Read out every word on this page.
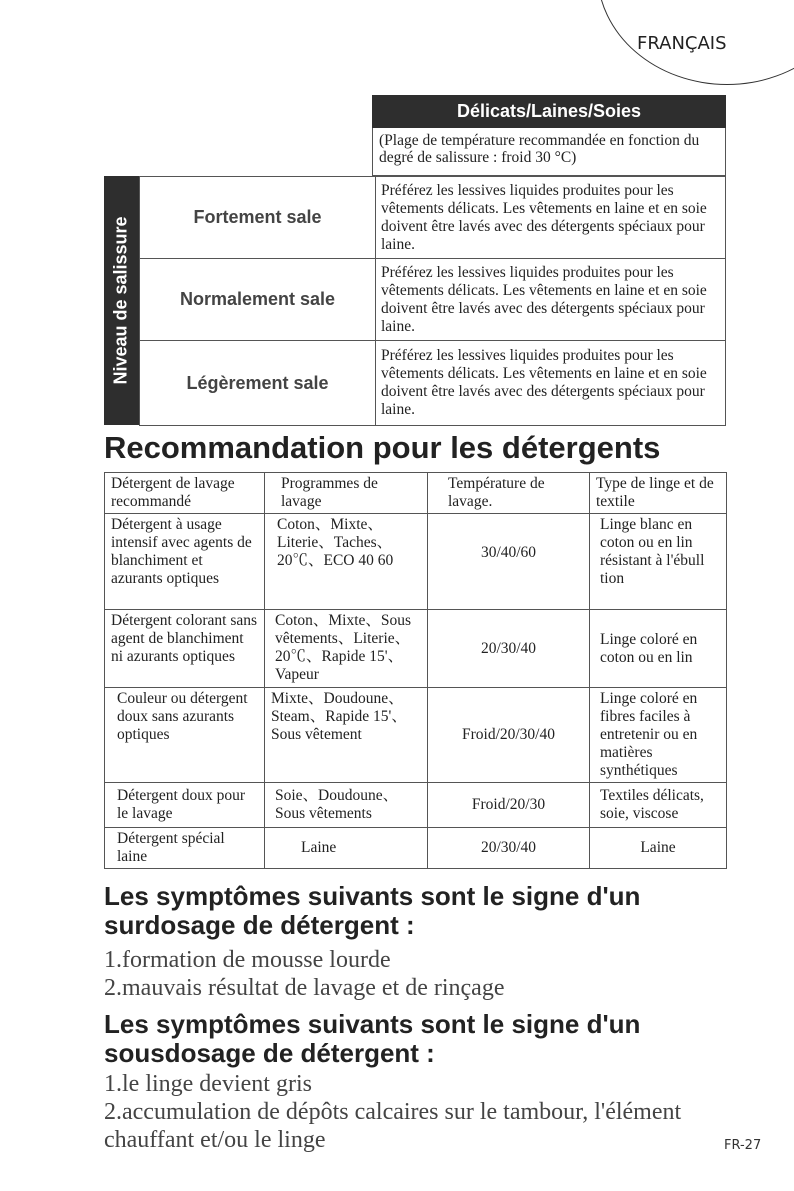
FRANÇAIS
Délicats/Laines/Soies
(Plage de température recommandée en fonction du degré de salissure : froid 30 °C)
Niveau de salissure	Fortement sale	Préférez les lessives liquides produites pour les vêtements délicats. Les vêtements en laine et en soie doivent être lavés avec des détergents spéciaux pour laine.
Normalement sale	Préférez les lessives liquides produites pour les vêtements délicats. Les vêtements en laine et en soie doivent être lavés avec des détergents spéciaux pour laine.
Légèrement sale	Préférez les lessives liquides produites pour les vêtements délicats. Les vêtements en laine et en soie doivent être lavés avec des détergents spéciaux pour laine.
Recommandation pour les détergents
Détergent de lavage recommandé	Programmes de lavage	Température de lavage.	Type de linge et de textile
Détergent à usage intensif avec agents de blanchiment et azurants optiques	Coton、Mixte、Literie、Taches、20℃、ECO 40 60	30/40/60	Linge blanc en coton ou en lin résistant à l'ébull tion
Détergent colorant sans agent de blanchiment ni azurants optiques	Coton、Mixte、Sous vêtements、Literie、20℃、Rapide 15'、Vapeur	20/30/40	Linge coloré en coton ou en lin
Couleur ou détergent doux sans azurants optiques	Mixte、Doudoune、Steam、Rapide 15'、Sous vêtement	Froid/20/30/40	Linge coloré en fibres faciles à entretenir ou en matières synthétiques
Détergent doux pour le lavage	Soie、Doudoune、Sous vêtements	Froid/20/30	Textiles délicats, soie, viscose
Détergent spécial laine	Laine	20/30/40	Laine
Les symptômes suivants sont le signe d'un surdosage de détergent :
1.formation de mousse lourde
2.mauvais résultat de lavage et de rinçage
Les symptômes suivants sont le signe d'un sousdosage de détergent :
1.le linge devient gris
2.accumulation de dépôts calcaires sur le tambour, l'élément chauffant et/ou le linge	FR-27
